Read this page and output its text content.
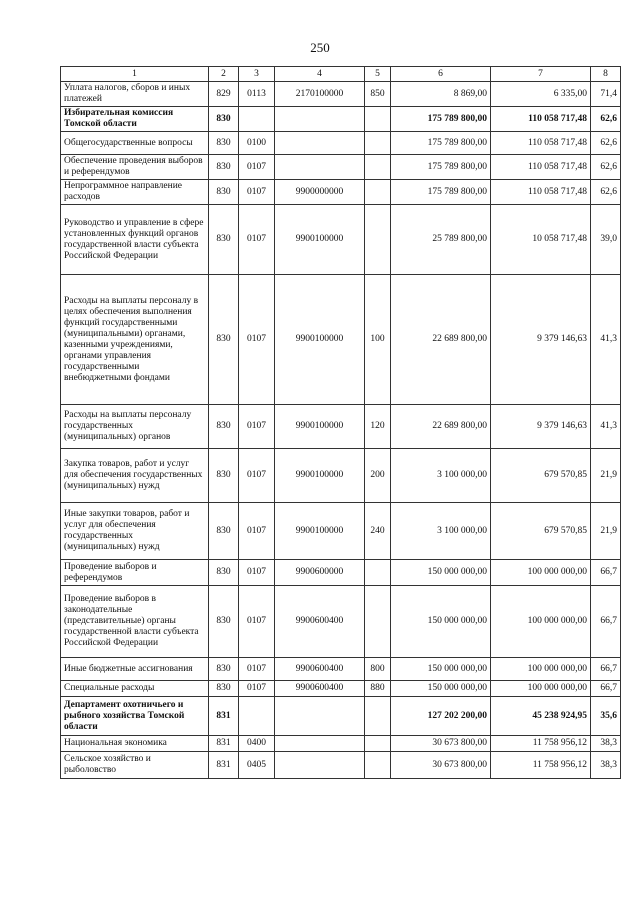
250
1	2	3	4	5	6	7	8
Уплата налогов, сборов и иных платежей	829	0113	2170100000	850	8 869,00	6 335,00	71,4
Избирательная комиссия Томской области	830				175 789 800,00	110 058 717,48	62,6
Общегосударственные вопросы	830	0100			175 789 800,00	110 058 717,48	62,6
Обеспечение проведения выборов и референдумов	830	0107			175 789 800,00	110 058 717,48	62,6
Непрограммное направление расходов	830	0107	9900000000		175 789 800,00	110 058 717,48	62,6
Руководство и управление в сфере установленных функций органов государственной власти субъекта Российской Федерации	830	0107	9900100000		25 789 800,00	10 058 717,48	39,0
Расходы на выплаты персоналу в целях обеспечения выполнения функций государственными (муниципальными) органами, казенными учреждениями, органами управления государственными внебюджетными фондами	830	0107	9900100000	100	22 689 800,00	9 379 146,63	41,3
Расходы на выплаты персоналу государственных (муниципальных) органов	830	0107	9900100000	120	22 689 800,00	9 379 146,63	41,3
Закупка товаров, работ и услуг для обеспечения государственных (муниципальных) нужд	830	0107	9900100000	200	3 100 000,00	679 570,85	21,9
Иные закупки товаров, работ и услуг для обеспечения государственных (муниципальных) нужд	830	0107	9900100000	240	3 100 000,00	679 570,85	21,9
Проведение выборов и референдумов	830	0107	9900600000		150 000 000,00	100 000 000,00	66,7
Проведение выборов в законодательные (представительные) органы государственной власти субъекта Российской Федерации	830	0107	9900600400		150 000 000,00	100 000 000,00	66,7
Иные бюджетные ассигнования	830	0107	9900600400	800	150 000 000,00	100 000 000,00	66,7
Специальные расходы	830	0107	9900600400	880	150 000 000,00	100 000 000,00	66,7
Департамент охотничьего и рыбного хозяйства Томской области	831				127 202 200,00	45 238 924,95	35,6
Национальная экономика	831	0400			30 673 800,00	11 758 956,12	38,3
Сельское хозяйство и рыболовство	831	0405			30 673 800,00	11 758 956,12	38,3
